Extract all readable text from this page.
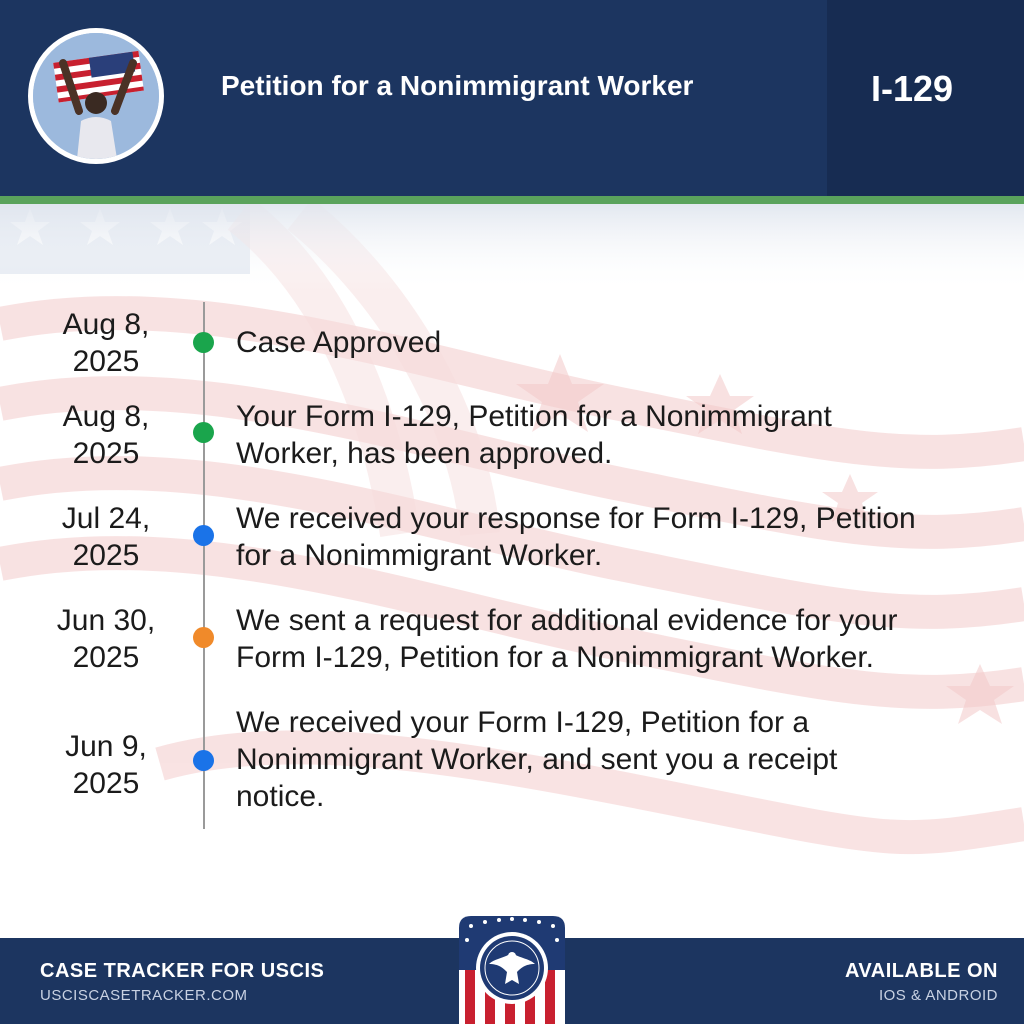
Petition for a Nonimmigrant Worker	I-129
Aug 8,
2025
Case Approved
Aug 8,
2025
Your Form I-129, Petition for a Nonimmigrant
Worker, has been approved.
Jul 24,
2025
We received your response for Form I-129, Petition
for a Nonimmigrant Worker.
Jun 30,
2025
We sent a request for additional evidence for your
Form I-129, Petition for a Nonimmigrant Worker.
Jun 9,
2025
We received your Form I-129, Petition for a
Nonimmigrant Worker, and sent you a receipt
notice.
CASE TRACKER FOR USCIS
USCISCASETRACKER.COM
AVAILABLE ON
IOS & ANDROID
